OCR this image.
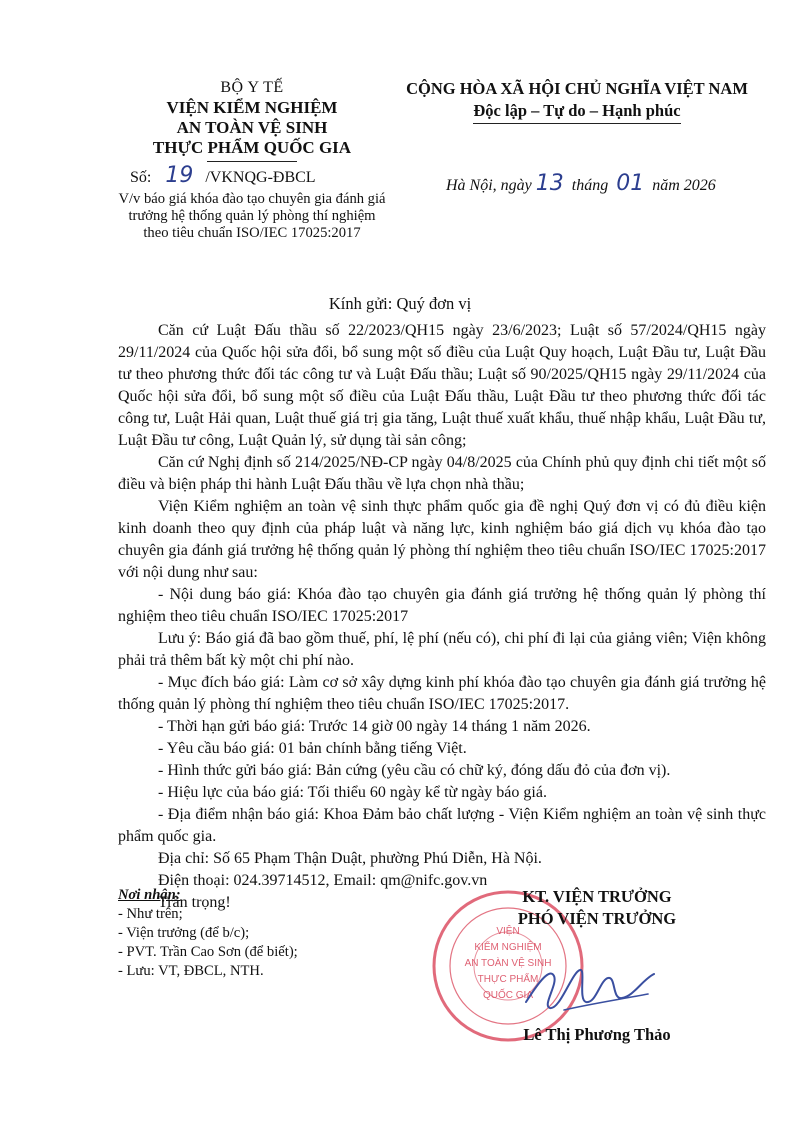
BỘ Y TẾ
VIỆN KIỂM NGHIỆM
AN TOÀN VỆ SINH
THỰC PHẨM QUỐC GIA
CỘNG HÒA XÃ HỘI CHỦ NGHĨA VIỆT NAM
Độc lập – Tự do – Hạnh phúc
Số: 19 /VKNQG-ĐBCL
V/v báo giá khóa đào tạo chuyên gia đánh giá trưởng hệ thống quản lý phòng thí nghiệm theo tiêu chuẩn ISO/IEC 17025:2017
Hà Nội, ngày 13 tháng 01 năm 2026
Kính gửi: Quý đơn vị

Căn cứ Luật Đấu thầu số 22/2023/QH15 ngày 23/6/2023; Luật số 57/2024/QH15 ngày 29/11/2024 của Quốc hội sửa đổi, bổ sung một số điều của Luật Quy hoạch, Luật Đầu tư, Luật Đầu tư theo phương thức đối tác công tư và Luật Đấu thầu; Luật số 90/2025/QH15 ngày 29/11/2024 của Quốc hội sửa đổi, bổ sung một số điều của Luật Đấu thầu, Luật Đầu tư theo phương thức đối tác công tư, Luật Hải quan, Luật thuế giá trị gia tăng, Luật thuế xuất khẩu, thuế nhập khẩu, Luật Đầu tư, Luật Đầu tư công, Luật Quản lý, sử dụng tài sản công;

Căn cứ Nghị định số 214/2025/NĐ-CP ngày 04/8/2025 của Chính phủ quy định chi tiết một số điều và biện pháp thi hành Luật Đấu thầu về lựa chọn nhà thầu;

Viện Kiểm nghiệm an toàn vệ sinh thực phẩm quốc gia đề nghị Quý đơn vị có đủ điều kiện kinh doanh theo quy định của pháp luật và năng lực, kinh nghiệm báo giá dịch vụ khóa đào tạo chuyên gia đánh giá trưởng hệ thống quản lý phòng thí nghiệm theo tiêu chuẩn ISO/IEC 17025:2017 với nội dung như sau:

- Nội dung báo giá: Khóa đào tạo chuyên gia đánh giá trưởng hệ thống quản lý phòng thí nghiệm theo tiêu chuẩn ISO/IEC 17025:2017

Lưu ý: Báo giá đã bao gồm thuế, phí, lệ phí (nếu có), chi phí đi lại của giảng viên; Viện không phải trả thêm bất kỳ một chi phí nào.

- Mục đích báo giá: Làm cơ sở xây dựng kinh phí khóa đào tạo chuyên gia đánh giá trưởng hệ thống quản lý phòng thí nghiệm theo tiêu chuẩn ISO/IEC 17025:2017.

- Thời hạn gửi báo giá: Trước 14 giờ 00 ngày 14 tháng 1 năm 2026.

- Yêu cầu báo giá: 01 bản chính bằng tiếng Việt.

- Hình thức gửi báo giá: Bản cứng (yêu cầu có chữ ký, đóng dấu đỏ của đơn vị).

- Hiệu lực của báo giá: Tối thiểu 60 ngày kể từ ngày báo giá.

- Địa điểm nhận báo giá: Khoa Đảm bảo chất lượng - Viện Kiểm nghiệm an toàn vệ sinh thực phẩm quốc gia.

Địa chỉ: Số 65 Phạm Thận Duật, phường Phú Diễn, Hà Nội.

Điện thoại: 024.39714512, Email: qm@nifc.gov.vn

Trân trọng!

Nơi nhận:
- Như trên;
- Viện trưởng (để b/c);
- PVT. Trần Cao Sơn (để biết);
- Lưu: VT, ĐBCL, NTH.
VIỆN KIỂM NGHIỆM AN TOÀN VỆ SINH THỰC PHẨM QUỐC GIA
KT. VIỆN TRƯỞNG
PHÓ VIỆN TRƯỞNG
Lê Thị Phương Thảo
